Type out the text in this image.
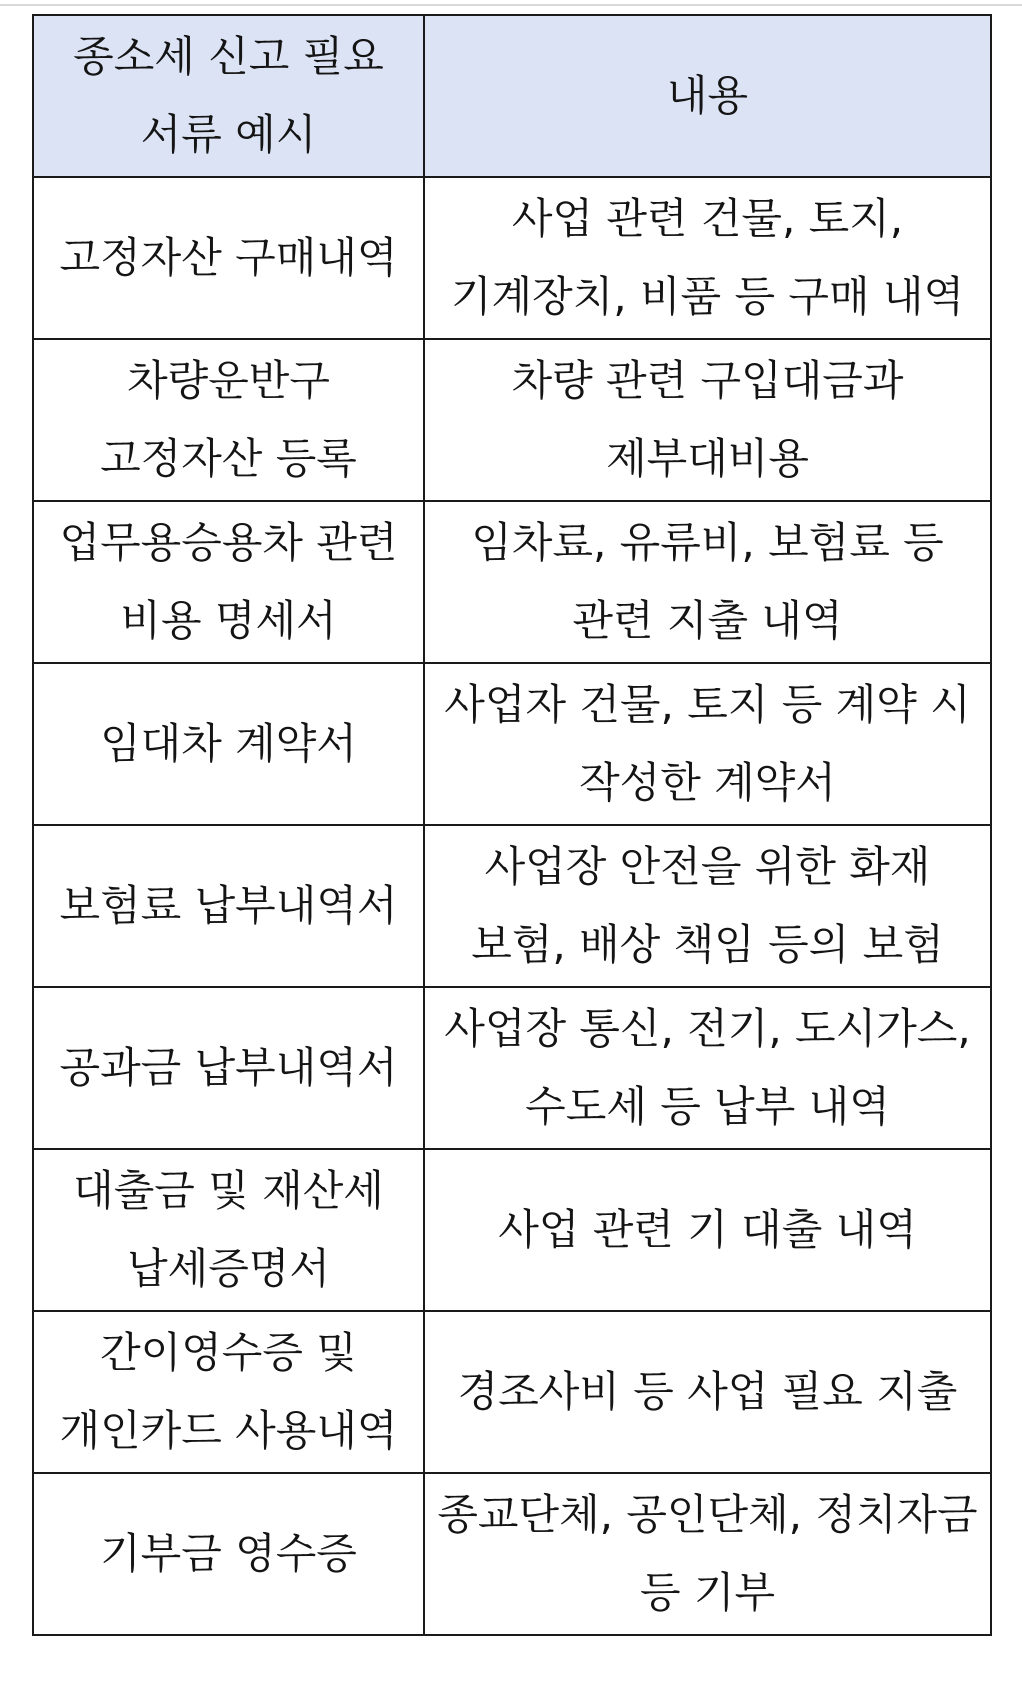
종소세 신고 필요 서류 예시	내용
고정자산 구매내역	사업 관련 건물, 토지, 기계장치, 비품 등 구매 내역
차량운반구 고정자산 등록	차량 관련 구입대금과 제부대비용
업무용승용차 관련 비용 명세서	임차료, 유류비, 보험료 등 관련 지출 내역
임대차 계약서	사업자 건물, 토지 등 계약 시 작성한 계약서
보험료 납부내역서	사업장 안전을 위한 화재 보험, 배상 책임 등의 보험
공과금 납부내역서	사업장 통신, 전기, 도시가스, 수도세 등 납부 내역
대출금 및 재산세 납세증명서	사업 관련 기 대출 내역
간이영수증 및 개인카드 사용내역	경조사비 등 사업 필요 지출
기부금 영수증	종교단체, 공인단체, 정치자금 등 기부
